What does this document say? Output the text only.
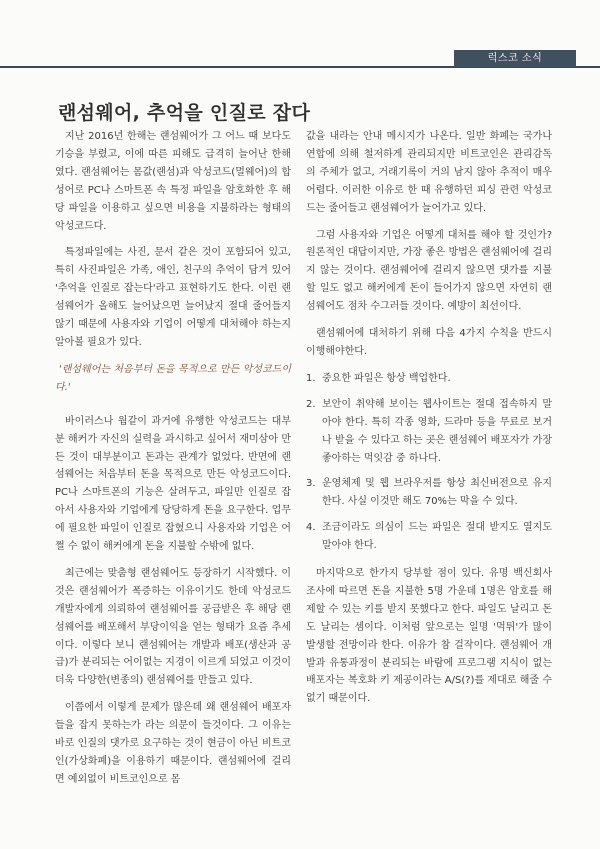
럭스코 소식
랜섬웨어, 추억을 인질로 잡다

지난 2016년 한해는 랜섬웨어가 그 어느 때 보다도 기승을 부렸고, 이에 따른 피해도 급격히 늘어난 한해였다. 랜섬웨어는 몸값(랜섬)과 악성코드(멀웨어)의 합성어로 PC나 스마트폰 속 특정 파일을 암호화한 후 해당 파일을 이용하고 싶으면 비용을 지불하라는 형태의 악성코드다.

특정파일에는 사진, 문서 같은 것이 포함되어 있고, 특히 사진파일은 가족, 애인, 친구의 추억이 담겨 있어 '추억을 인질로 잡는다'라고 표현하기도 한다. 이런 랜섬웨어가 올해도 늘어났으면 늘어났지 절대 줄어들지 않기 때문에 사용자와 기업이 어떻게 대처해야 하는지 알아볼 필요가 있다.

'랜섬웨어는 처음부터 돈을 목적으로 만든 악성코드이다.'

바이러스나 웜같이 과거에 유행한 악성코드는 대부분 해커가 자신의 실력을 과시하고 싶어서 재미삼아 만든 것이 대부분이고 돈과는 관계가 없었다. 반면에 랜섬웨어는 처음부터 돈을 목적으로 만든 악성코드이다. PC나 스마트폰의 기능은 살려두고, 파일만 인질로 잡아서 사용자와 기업에게 당당하게 돈을 요구한다. 업무에 필요한 파일이 인질로 잡혔으니 사용자와 기업은 어쩔 수 없이 해커에게 돈을 지불할 수밖에 없다.

최근에는 맞춤형 랜섬웨어도 등장하기 시작했다. 이것은 랜섬웨어가 폭증하는 이유이기도 한데 악성코드 개발자에게 의뢰하여 랜섬웨어를 공급받은 후 해당 랜섬웨어를 배포해서 부당이익을 얻는 형태가 요즘 추세이다. 이렇다 보니 랜섬웨어는 개발과 배포(생산과 공급)가 분리되는 어이없는 지경이 이르게 되었고 이것이 더욱 다양한(변종의) 랜섬웨어를 만들고 있다.

이쯤에서 이렇게 문제가 많은데 왜 랜섬웨어 배포자들을 잡지 못하는가 라는 의문이 들것이다. 그 이유는 바로 인질의 댓가로 요구하는 것이 현금이 아닌 비트코인(가상화폐)을 이용하기 때문이다. 랜섬웨어에 걸리면 예외없이 비트코인으로 몸

값을 내라는 안내 메시지가 나온다. 일반 화폐는 국가나 연합에 의해 철저하게 관리되지만 비트코인은 관리감독의 주체가 없고, 거래기록이 거의 남지 않아 추적이 매우 어렵다. 이러한 이유로 한 때 유행하던 피싱 관련 악성코드는 줄어들고 랜섬웨어가 늘어가고 있다.

그럼 사용자와 기업은 어떻게 대처를 해야 할 것인가? 원론적인 대답이지만, 가장 좋은 방법은 랜섬웨어에 걸리지 않는 것이다. 랜섬웨어에 걸리지 않으면 댓가를 지불할 일도 없고 해커에게 돈이 들어가지 않으면 자연히 랜섬웨어도 점차 수그러들 것이다. 예방이 최선이다.

랜섬웨어에 대처하기 위해 다음 4가지 수칙을 반드시 이행해야한다.

1. 중요한 파일은 항상 백업한다.
2. 보안이 취약해 보이는 웹사이트는 절대 접속하지 말아야 한다. 특히 각종 영화, 드라마 등을 무료로 보거나 받을 수 있다고 하는 곳은 랜섬웨어 배포자가 가장 좋아하는 먹잇감 중 하나다.
3. 운영체제 및 웹 브라우저를 항상 최신버전으로 유지한다. 사실 이것만 해도 70%는 막을 수 있다.
4. 조금이라도 의심이 드는 파일은 절대 받지도 열지도 말아야 한다.

마지막으로 한가지 당부할 점이 있다. 유명 백신회사 조사에 따르면 돈을 지불한 5명 가운데 1명은 암호를 해제할 수 있는 키를 받지 못했다고 한다. 파일도 날리고 돈도 날리는 셈이다. 이처럼 앞으로는 일명 '먹튀'가 많이 발생할 전망이라 한다. 이유가 참 걸작이다. 랜섬웨어 개발과 유통과정이 분리되는 바람에 프로그램 지식이 없는 배포자는 복호화 키 제공이라는 A/S(?)를 제대로 해줄 수 없기 때문이다.
